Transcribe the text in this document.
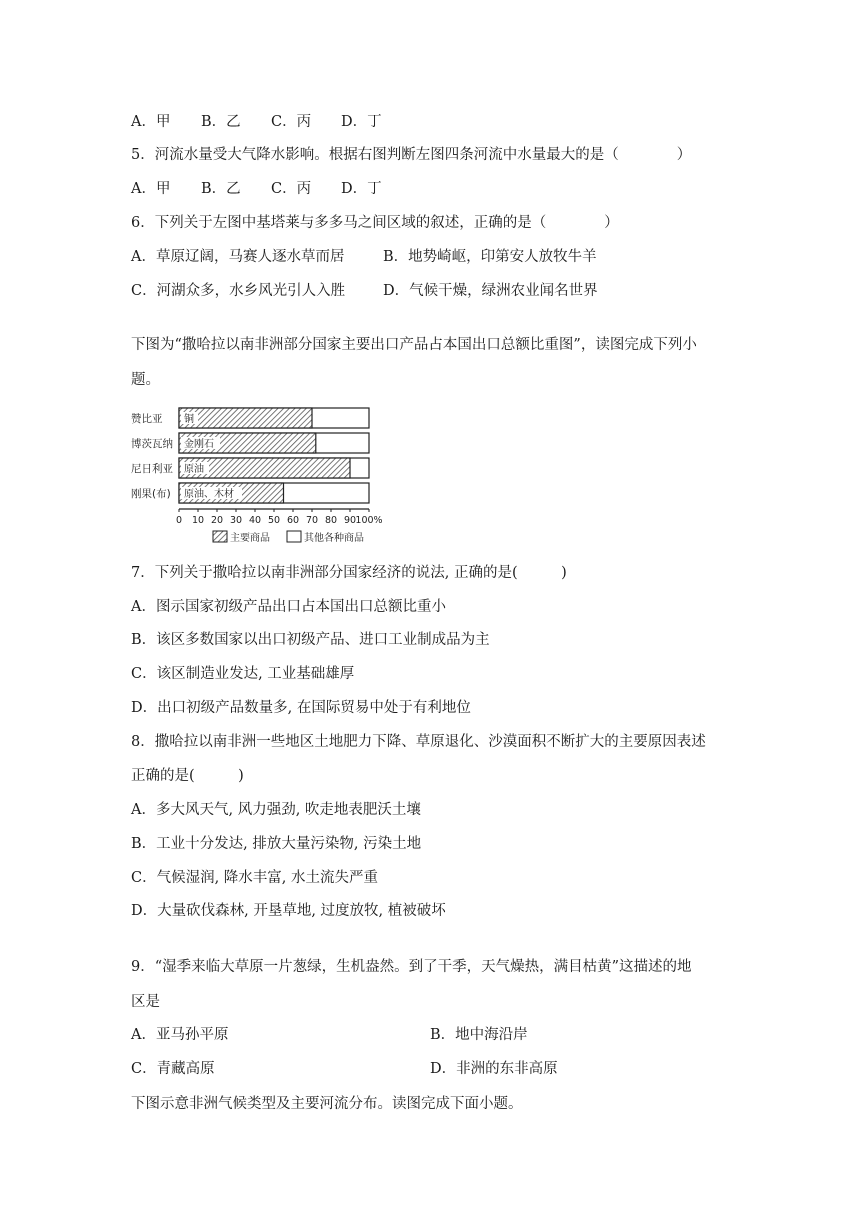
A．甲 B．乙 C．丙 D．丁
5．河流水量受大气降水影响。根据右图判断左图四条河流中水量最大的是（　　　　）
A．甲 B．乙 C．丙 D．丁
6．下列关于左图中基塔莱与多多马之间区域的叙述，正确的是（　　　　）
A．草原辽阔，马赛人逐水草而居	B．地势崎岖，印第安人放牧牛羊
C．河湖众多，水乡风光引人入胜	D．气候干燥，绿洲农业闻名世界
下图为“撒哈拉以南非洲部分国家主要出口产品占本国出口总额比重图”，读图完成下列小
题。
赞比亚 铜
博茨瓦纳 金刚石
尼日利亚 原油
刚果(布) 原油、木材
0 10 20 30 40 50 60 70 80 90 100%
主要商品	其他各种商品
7．下列关于撒哈拉以南非洲部分国家经济的说法, 正确的是(　　　)
A．图示国家初级产品出口占本国出口总额比重小
B．该区多数国家以出口初级产品、进口工业制成品为主
C．该区制造业发达, 工业基础雄厚
D．出口初级产品数量多, 在国际贸易中处于有利地位
8．撒哈拉以南非洲一些地区土地肥力下降、草原退化、沙漠面积不断扩大的主要原因表述
正确的是(　　　)
A．多大风天气, 风力强劲, 吹走地表肥沃土壤
B．工业十分发达, 排放大量污染物, 污染土地
C．气候湿润, 降水丰富, 水土流失严重
D．大量砍伐森林, 开垦草地, 过度放牧, 植被破坏
9．“湿季来临大草原一片葱绿，生机盎然。到了干季，天气燥热，满目枯黄”这描述的地
区是
A．亚马孙平原	B．地中海沿岸
C．青藏高原	D．非洲的东非高原
下图示意非洲气候类型及主要河流分布。读图完成下面小题。
